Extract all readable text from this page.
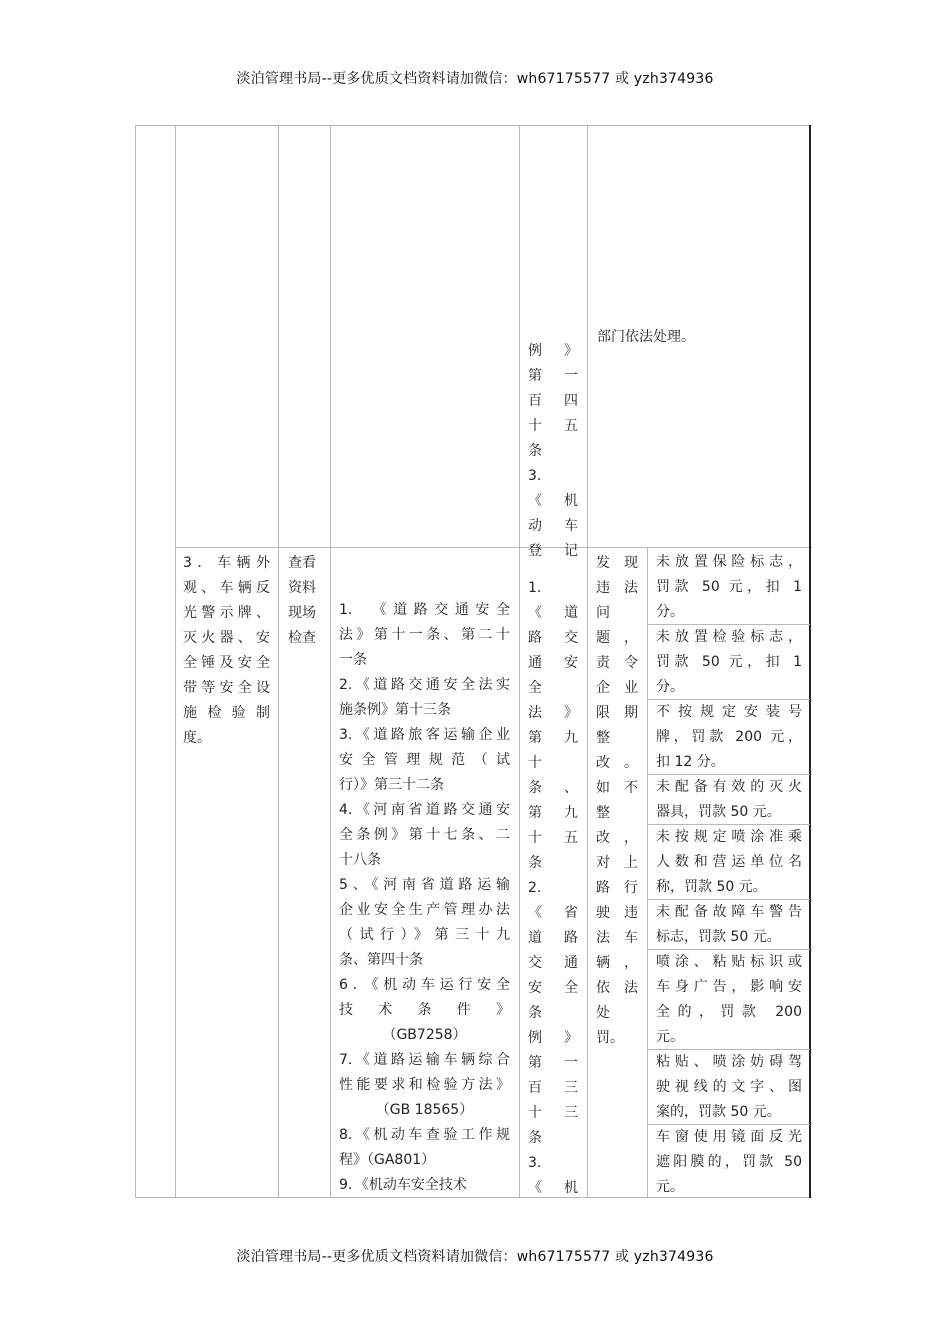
淡泊管理书局--更多优质文档资料请加微信：wh67175577 或 yzh374936
淡泊管理书局--更多优质文档资料请加微信：wh67175577 或 yzh374936
例 》
第 一
百 四
十 五
条
3.
《 机
动 车
登 记
部门依法处理。
3．车辆外
观、车辆反
光警示牌、
灭火器、安
全锤及安全
带等安全设
施 检 验 制
度。
查看
资料
现场
检查
1.　《道路交通安全
法》第十一条、第二十
一条
2.《道路交通安全法实
施条例》第十三条
3.《道路旅客运输企业
安全管理规范（试
行）》第三十二条
4.《河南省道路交通安
全条例》第十七条、二
十八条
5、《河南省道路运输
企业安全生产管理办法
（试行）》第三十九
条、第四十条
6．《机动车运行安全
技　术　条　件　》
（GB7258）
7.《道路运输车辆综合
性能要求和检验方法》
（GB 18565）
8.《机动车查验工作规
程》（GA801）
9．《机动车安全技术
1.
《 道
路 交
通 安
全
法 》
第 九
十
条 、
第 九
十 五
条
2.
《 省
道 路
交 通
安 全
条
例 》
第 一
百 三
十 三
条
3.
《 机
发 现
违 法
问
题 ，
责 令
企 业
限 期
整
改 。
如 不
整
改 ，
对 上
路 行
驶 违
法 车
辆 ，
依 法
处
罚。
未放置保险标志，
罚款 50 元，扣 1
分。
未放置检验标志，
罚款 50 元，扣 1
分。
不按规定安装号
牌，罚款 200 元，
扣 12 分。
未配备有效的灭火
器具，罚款 50 元。
未按规定喷涂准乘
人数和营运单位名
称，罚款 50 元。
未配备故障车警告
标志，罚款 50 元。
喷涂、粘贴标识或
车身广告，影响安
全的，罚款 200
元。
粘贴、喷涂妨碍驾
驶视线的文字、图
案的，罚款 50 元。
车窗使用镜面反光
遮阳膜的，罚款 50
元。
